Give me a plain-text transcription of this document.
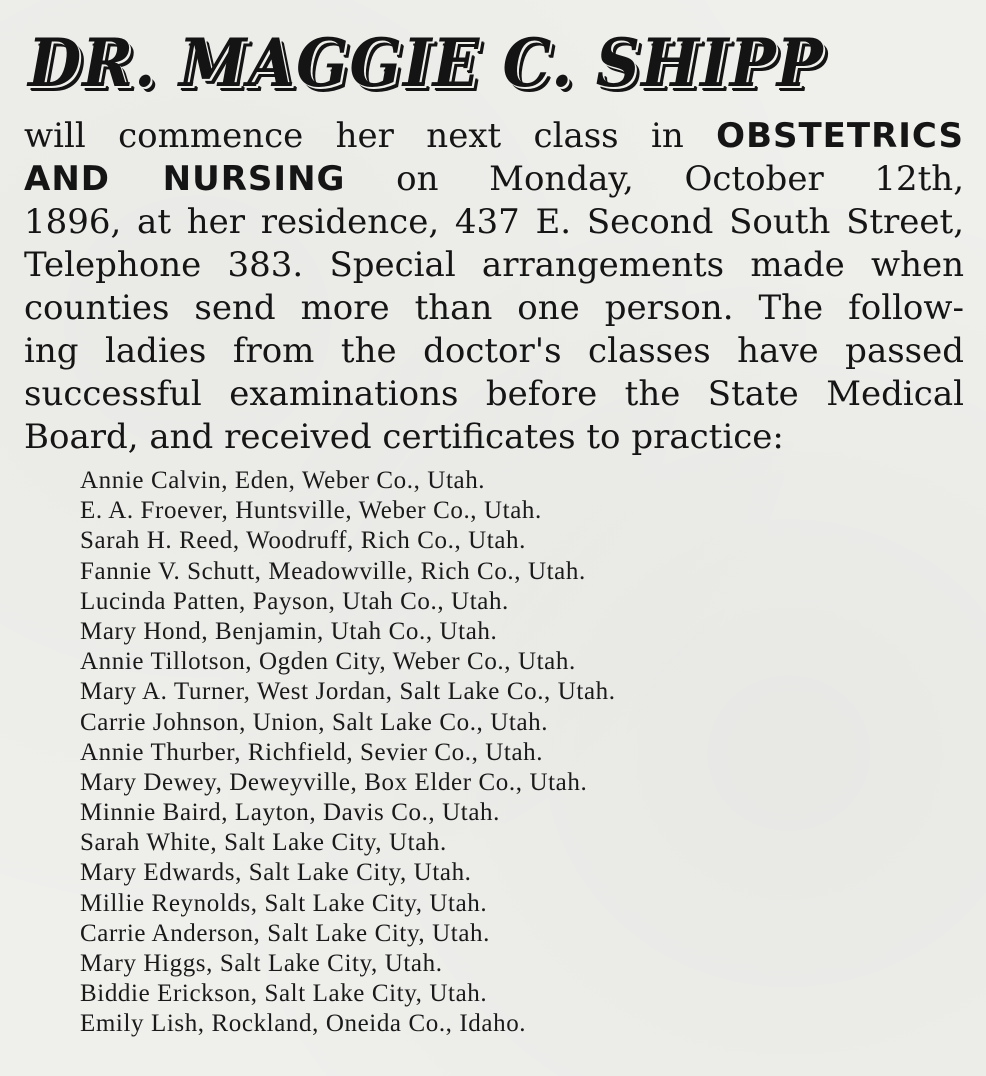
DR. MAGGIE C. SHIPP

will commence her next class in OBSTETRICS
AND NURSING on Monday, October 12th,
1896, at her residence, 437 E. Second South Street,
Telephone 383. Special arrangements made when
counties send more than one person. The follow-
ing ladies from the doctor's classes have passed
successful examinations before the State Medical
Board, and received certificates to practice:

Annie Calvin, Eden, Weber Co., Utah.
E. A. Froever, Huntsville, Weber Co., Utah.
Sarah H. Reed, Woodruff, Rich Co., Utah.
Fannie V. Schutt, Meadowville, Rich Co., Utah.
Lucinda Patten, Payson, Utah Co., Utah.
Mary Hond, Benjamin, Utah Co., Utah.
Annie Tillotson, Ogden City, Weber Co., Utah.
Mary A. Turner, West Jordan, Salt Lake Co., Utah.
Carrie Johnson, Union, Salt Lake Co., Utah.
Annie Thurber, Richfield, Sevier Co., Utah.
Mary Dewey, Deweyville, Box Elder Co., Utah.
Minnie Baird, Layton, Davis Co., Utah.
Sarah White, Salt Lake City, Utah.
Mary Edwards, Salt Lake City, Utah.
Millie Reynolds, Salt Lake City, Utah.
Carrie Anderson, Salt Lake City, Utah.
Mary Higgs, Salt Lake City, Utah.
Biddie Erickson, Salt Lake City, Utah.
Emily Lish, Rockland, Oneida Co., Idaho.
